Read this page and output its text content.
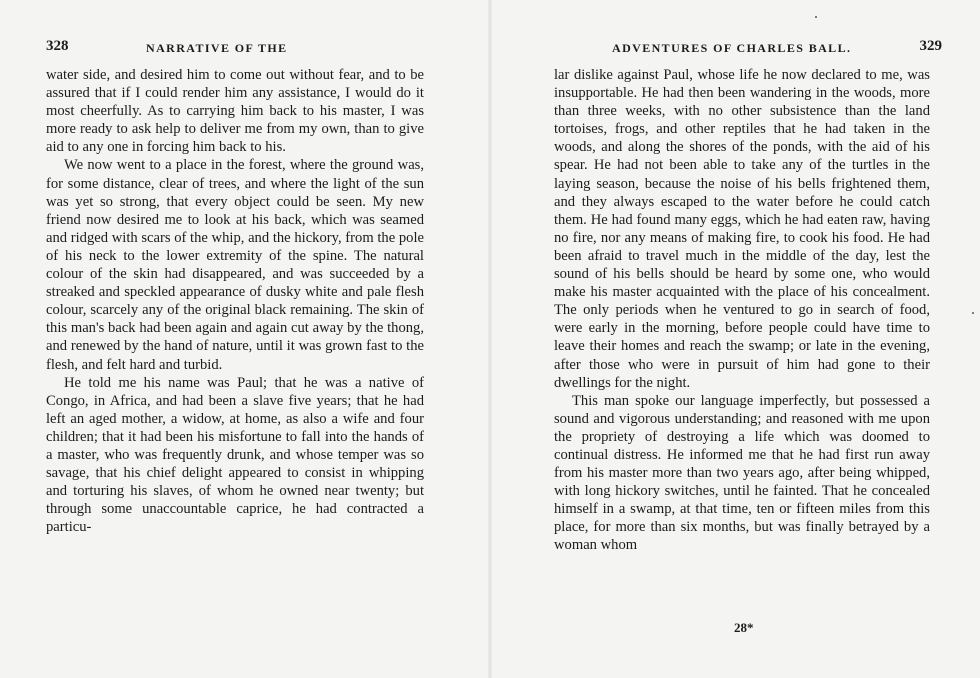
328	NARRATIVE OF THE

water side, and desired him to come out without fear, and to be assured that if I could render him any assistance, I would do it most cheerfully. As to carrying him back to his master, I was more ready to ask help to deliver me from my own, than to give aid to any one in forcing him back to his.

We now went to a place in the forest, where the ground was, for some distance, clear of trees, and where the light of the sun was yet so strong, that every object could be seen. My new friend now desired me to look at his back, which was seamed and ridged with scars of the whip, and the hickory, from the pole of his neck to the lower extremity of the spine. The natural colour of the skin had disappeared, and was succeeded by a streaked and speckled appearance of dusky white and pale flesh colour, scarcely any of the original black remaining. The skin of this man's back had been again and again cut away by the thong, and renewed by the hand of nature, until it was grown fast to the flesh, and felt hard and turbid.

He told me his name was Paul; that he was a native of Congo, in Africa, and had been a slave five years; that he had left an aged mother, a widow, at home, as also a wife and four children; that it had been his misfortune to fall into the hands of a master, who was frequently drunk, and whose temper was so savage, that his chief delight appeared to consist in whipping and torturing his slaves, of whom he owned near twenty; but through some unaccountable caprice, he had contracted a particu-

ADVENTURES OF CHARLES BALL.	329

lar dislike against Paul, whose life he now declared to me, was insupportable. He had then been wandering in the woods, more than three weeks, with no other subsistence than the land tortoises, frogs, and other reptiles that he had taken in the woods, and along the shores of the ponds, with the aid of his spear. He had not been able to take any of the turtles in the laying season, because the noise of his bells frightened them, and they always escaped to the water before he could catch them. He had found many eggs, which he had eaten raw, having no fire, nor any means of making fire, to cook his food. He had been afraid to travel much in the middle of the day, lest the sound of his bells should be heard by some one, who would make his master acquainted with the place of his concealment. The only periods when he ventured to go in search of food, were early in the morning, before people could have time to leave their homes and reach the swamp; or late in the evening, after those who were in pursuit of him had gone to their dwellings for the night.

This man spoke our language imperfectly, but possessed a sound and vigorous understanding; and reasoned with me upon the propriety of destroying a life which was doomed to continual distress. He informed me that he had first run away from his master more than two years ago, after being whipped, with long hickory switches, until he fainted. That he concealed himself in a swamp, at that time, ten or fifteen miles from this place, for more than six months, but was finally betrayed by a woman whom

28*
